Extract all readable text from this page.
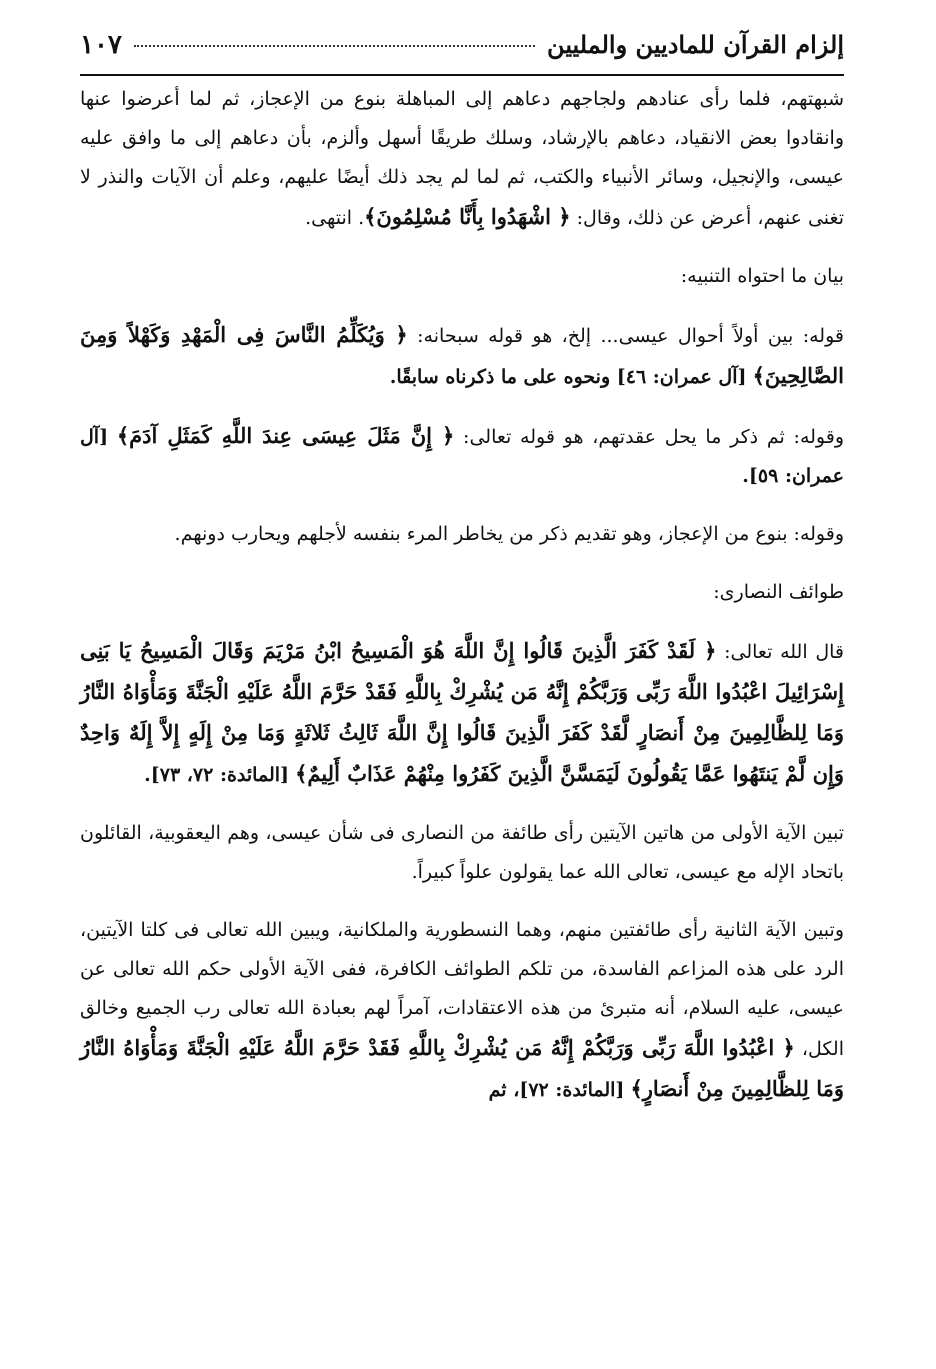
إلزام القرآن للماديين والمليين
١٠٧

شبهتهم، فلما رأى عنادهم ولجاجهم دعاهم إلى المباهلة بنوع من الإعجاز، ثم لما أعرضوا عنها وانقادوا بعض الانقياد، دعاهم بالإرشاد، وسلك طريقًا أسهل وألزم، بأن دعاهم إلى ما وافق عليه عيسى، والإنجيل، وسائر الأنبياء والكتب، ثم لما لم يجد ذلك أيضًا عليهم، وعلم أن الآيات والنذر لا تغنى عنهم، أعرض عن ذلك، وقال: ﴿ اشْهَدُوا بِأَنَّا مُسْلِمُونَ﴾. انتهى.

بيان ما احتواه التنبيه:

قوله: بين أولاً أحوال عيسى... إلخ، هو قوله سبحانه: ﴿ وَيُكَلِّمُ النَّاسَ فِى الْمَهْدِ وَكَهْلاً وَمِنَ الصَّالِحِينَ﴾ [آل عمران: ٤٦] ونحوه على ما ذكرناه سابقًا.

وقوله: ثم ذكر ما يحل عقدتهم، هو قوله تعالى: ﴿ إِنَّ مَثَلَ عِيسَى عِندَ اللَّهِ كَمَثَلِ آدَمَ﴾ [آل عمران: ٥٩].

وقوله: بنوع من الإعجاز، وهو تقديم ذكر من يخاطر المرء بنفسه لأجلهم ويحارب دونهم.

طوائف النصارى:

قال الله تعالى: ﴿ لَقَدْ كَفَرَ الَّذِينَ قَالُوا إِنَّ اللَّهَ هُوَ الْمَسِيحُ ابْنُ مَرْيَمَ وَقَالَ الْمَسِيحُ يَا بَنِى إِسْرَائِيلَ اعْبُدُوا اللَّهَ رَبِّى وَرَبَّكُمْ إِنَّهُ مَن يُشْرِكْ بِاللَّهِ فَقَدْ حَرَّمَ اللَّهُ عَلَيْهِ الْجَنَّةَ وَمَأْوَاهُ النَّارُ وَمَا لِلظَّالِمِينَ مِنْ أَنصَارٍ لَّقَدْ كَفَرَ الَّذِينَ قَالُوا إِنَّ اللَّهَ ثَالِثُ ثَلاثَةٍ وَمَا مِنْ إِلَهٍ إِلاَّ إِلَهٌ وَاحِدٌ وَإِن لَّمْ يَنتَهُوا عَمَّا يَقُولُونَ لَيَمَسَّنَّ الَّذِينَ كَفَرُوا مِنْهُمْ عَذَابٌ أَلِيمٌ﴾ [المائدة: ٧٢، ٧٣].

تبين الآية الأولى من هاتين الآيتين رأى طائفة من النصارى فى شأن عيسى، وهم اليعقوبية، القائلون باتحاد الإله مع عيسى، تعالى الله عما يقولون علواً كبيراً.

وتبين الآية الثانية رأى طائفتين منهم، وهما النسطورية والملكانية، ويبين الله تعالى فى كلتا الآيتين، الرد على هذه المزاعم الفاسدة، من تلكم الطوائف الكافرة، ففى الآية الأولى حكم الله تعالى عن عيسى، عليه السلام، أنه متبرئ من هذه الاعتقادات، آمراً لهم بعبادة الله تعالى رب الجميع وخالق الكل، ﴿ اعْبُدُوا اللَّهَ رَبِّى وَرَبَّكُمْ إِنَّهُ مَن يُشْرِكْ بِاللَّهِ فَقَدْ حَرَّمَ اللَّهُ عَلَيْهِ الْجَنَّةَ وَمَأْوَاهُ النَّارُ وَمَا لِلظَّالِمِينَ مِنْ أَنصَارٍ﴾ [المائدة: ٧٢]، ثم
